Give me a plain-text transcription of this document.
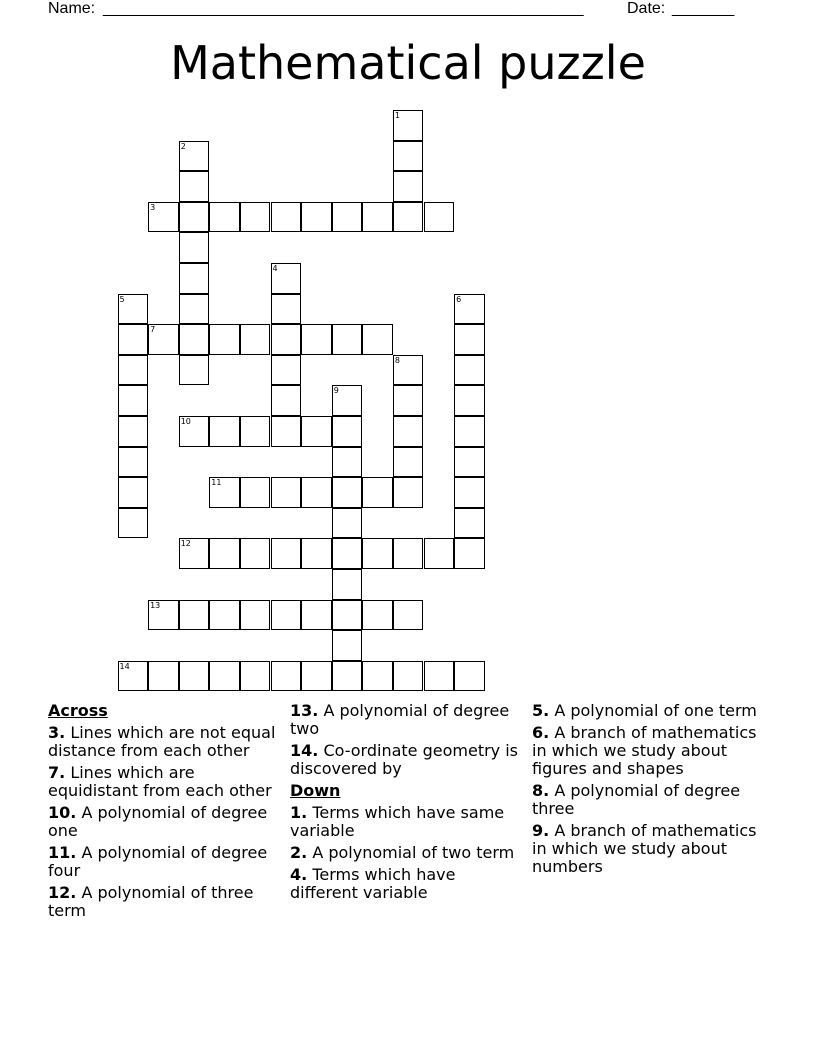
Name: ______________________________________________________	Date: _______
Mathematical puzzle
1
2
3
4
5	6
7
8
9
10
11
12
13
14
Across
3. Lines which are not equal distance from each other
7. Lines which are equidistant from each other
10. A polynomial of degree one
11. A polynomial of degree four
12. A polynomial of three term
13. A polynomial of degree two
14. Co-ordinate geometry is discovered by
Down
1. Terms which have same variable
2. A polynomial of two term
4. Terms which have different variable
5. A polynomial of one term
6. A branch of mathematics in which we study about figures and shapes
8. A polynomial of degree three
9. A branch of mathematics in which we study about numbers
